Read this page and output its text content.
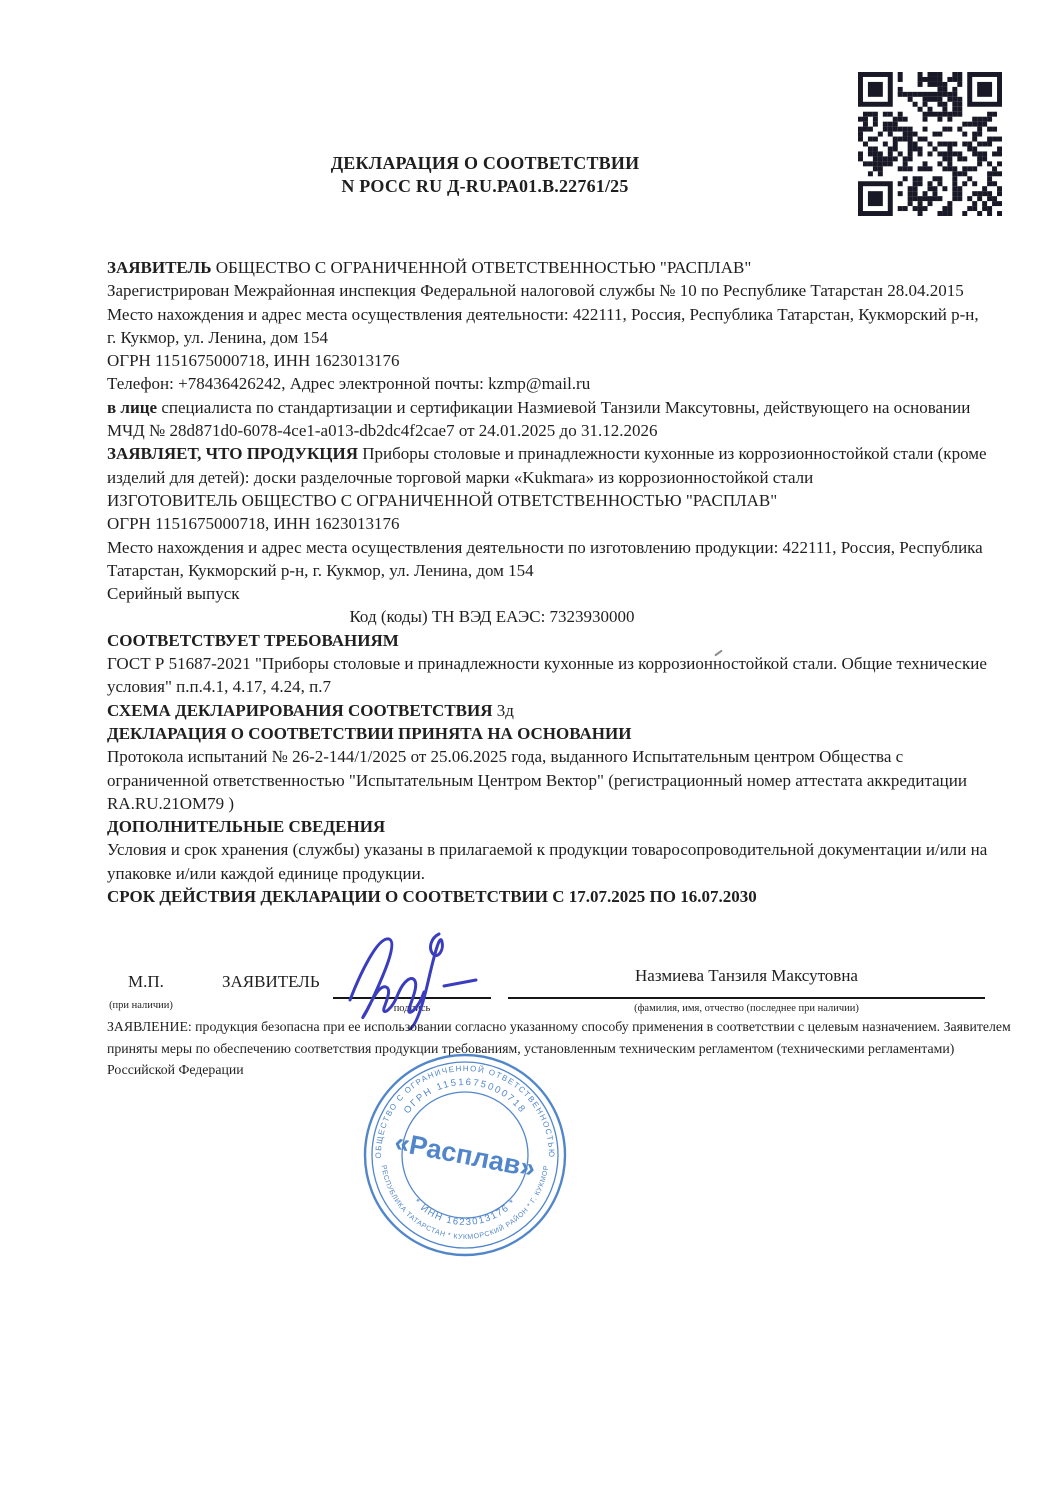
ДЕКЛАРАЦИЯ О СООТВЕТСТВИИ
N РОСС RU Д-RU.РА01.В.22761/25

ЗАЯВИТЕЛЬ ОБЩЕСТВО С ОГРАНИЧЕННОЙ ОТВЕТСТВЕННОСТЬЮ "РАСПЛАВ"

Зарегистрирован Межрайонная инспекция Федеральной налоговой службы № 10 по Республике Татарстан 28.04.2015

Место нахождения и адрес места осуществления деятельности: 422111, Россия, Республика Татарстан, Кукморский р-н, г. Кукмор, ул. Ленина, дом 154

ОГРН 1151675000718, ИНН 1623013176

Телефон: +78436426242, Адрес электронной почты: kzmp@mail.ru

в лице специалиста по стандартизации и сертификации Назмиевой Танзили Максутовны, действующего на основании МЧД № 28d871d0-6078-4ce1-a013-db2dc4f2cae7 от 24.01.2025 до 31.12.2026

ЗАЯВЛЯЕТ, ЧТО ПРОДУКЦИЯ Приборы столовые и принадлежности кухонные из коррозионностойкой стали (кроме изделий для детей): доски разделочные торговой марки «Kukmara» из коррозионностойкой стали

ИЗГОТОВИТЕЛЬ ОБЩЕСТВО С ОГРАНИЧЕННОЙ ОТВЕТСТВЕННОСТЬЮ "РАСПЛАВ"

ОГРН 1151675000718, ИНН 1623013176

Место нахождения и адрес места осуществления деятельности по изготовлению продукции: 422111, Россия, Республика Татарстан, Кукморский р-н, г. Кукмор, ул. Ленина, дом 154

Серийный выпуск

Код (коды) ТН ВЭД ЕАЭС: 7323930000

СООТВЕТСТВУЕТ ТРЕБОВАНИЯМ

ГОСТ Р 51687-2021 "Приборы столовые и принадлежности кухонные из коррозионностойкой стали. Общие технические условия" п.п.4.1, 4.17, 4.24, п.7

СХЕМА ДЕКЛАРИРОВАНИЯ СООТВЕТСТВИЯ 3д

ДЕКЛАРАЦИЯ О СООТВЕТСТВИИ ПРИНЯТА НА ОСНОВАНИИ

Протокола испытаний № 26-2-144/1/2025 от 25.06.2025 года, выданного Испытательным центром Общества с ограниченной ответственностью "Испытательным Центром Вектор" (регистрационный номер аттестата аккредитации RA.RU.21ОМ79 )

ДОПОЛНИТЕЛЬНЫЕ СВЕДЕНИЯ

Условия и срок хранения (службы) указаны в прилагаемой к продукции товаросопроводительной документации и/или на упаковке и/или каждой единице продукции.

СРОК ДЕЙСТВИЯ ДЕКЛАРАЦИИ О СООТВЕТСТВИИ С 17.07.2025 ПО 16.07.2030

М.П.
(при наличии)
ЗАЯВИТЕЛЬ
подпись
Назмиева Танзиля Максутовна
(фамилия, имя, отчество (последнее при наличии)

ЗАЯВЛЕНИЕ: продукция безопасна при ее использовании согласно указанному способу применения в соответствии с целевым назначением. Заявителем приняты меры по обеспечению соответствия продукции требованиям, установленным техническим регламентом (техническими регламентами) Российской Федерации

ОБЩЕСТВО С ОГРАНИЧЕННОЙ ОТВЕТСТВЕННОСТЬЮ
ОГРН 1151675000718
РЕСПУБЛИКА ТАТАРСТАН * КУКМОРСКИЙ РАЙОН * Г. КУКМОР
* ИНН 1623013176 *
«Расплав»
